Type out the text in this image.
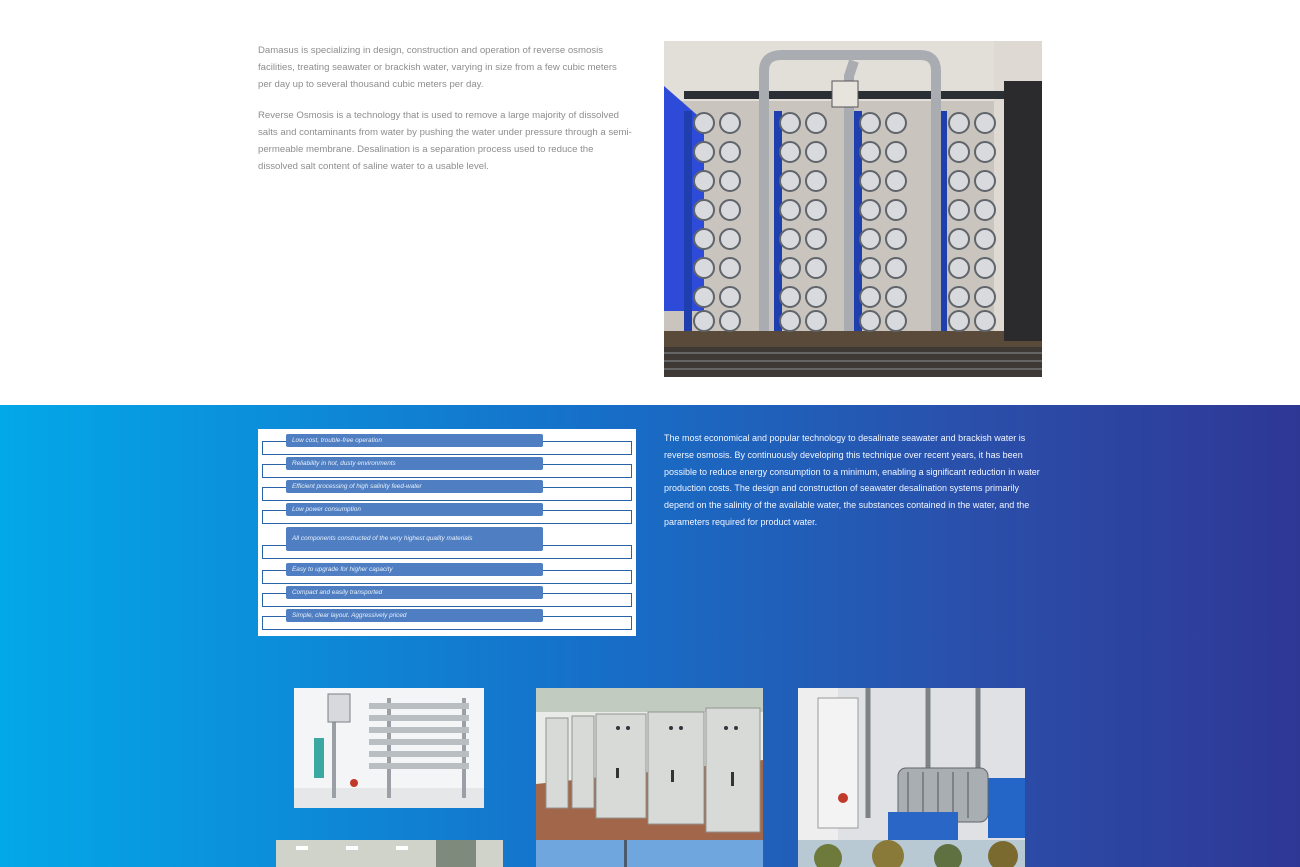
Damasus is specializing in design, construction and operation of reverse osmosis facilities, treating seawater or brackish water, varying in size from a few cubic meters per day up to several thousand cubic meters per day.

Reverse Osmosis is a technology that is used to remove a large majority of dissolved salts and contaminants from water by pushing the water under pressure through a semi-permeable membrane. Desalination is a separation process used to reduce the dissolved salt content of saline water to a usable level.

Low cost, trouble-free operation
Reliability in hot, dusty environments
Efficient processing of high salinity feed-water
Low power consumption
All components constructed of the very highest quality materials
Easy to upgrade for higher capacity
Compact and easily transported
Simple, clear layout. Aggressively priced
The most economical and popular technology to desalinate seawater and brackish water is reverse osmosis. By continuously developing this technique over recent years, it has been possible to reduce energy consumption to a minimum, enabling a significant reduction in water production costs. The design and construction of seawater desalination systems primarily depend on the salinity of the available water, the substances contained in the water, and the parameters required for product water.
